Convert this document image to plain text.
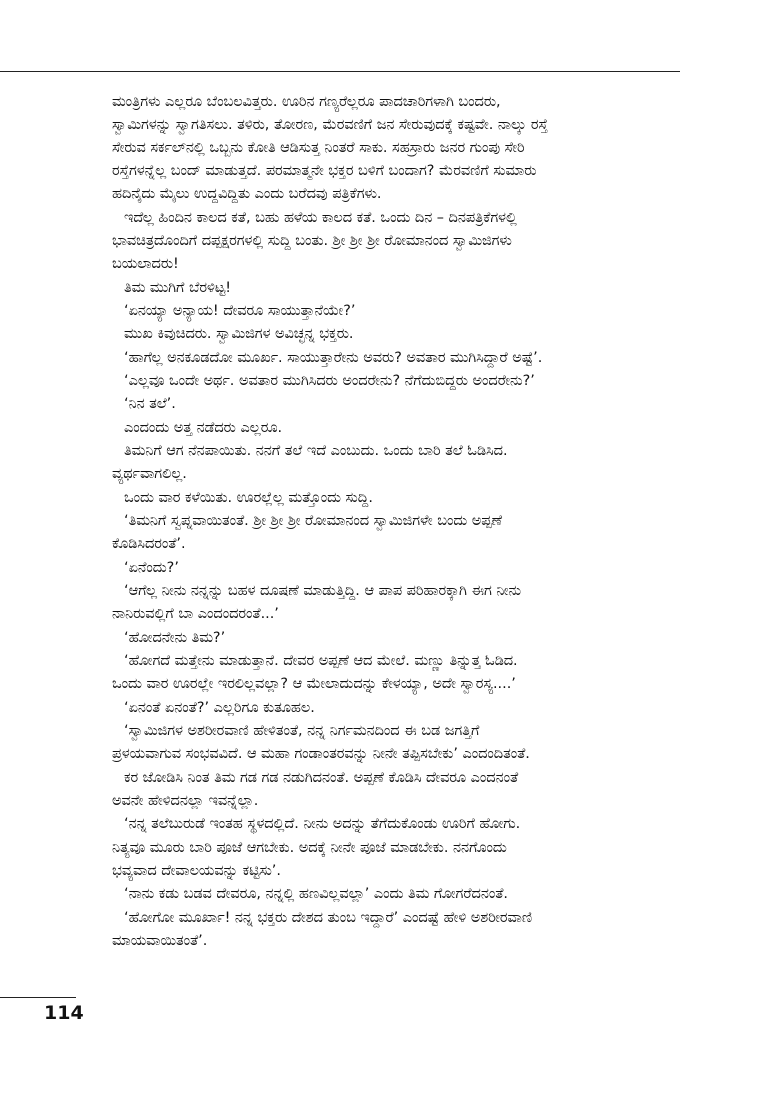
ಮಂತ್ರಿಗಳು ಎಲ್ಲರೂ ಬೆಂಬಲವಿತ್ತರು. ಊರಿನ ಗಣ್ಯರೆಲ್ಲರೂ ಪಾದಚಾರಿಗಳಾಗಿ ಬಂದರು,
ಸ್ವಾಮಿಗಳನ್ನು ಸ್ವಾಗತಿಸಲು. ತಳಿರು, ತೋರಣ, ಮೆರವಣಿಗೆ ಜನ ಸೇರುವುದಕ್ಕೆ ಕಷ್ಟವೇ. ನಾಲ್ಕು ರಸ್ತೆ
ಸೇರುವ ಸರ್ಕಲ್‌ನಲ್ಲಿ ಒಬ್ಬನು ಕೋತಿ ಆಡಿಸುತ್ತ ನಿಂತರೆ ಸಾಕು. ಸಹಸ್ರಾರು ಜನರ ಗುಂಪು ಸೇರಿ
ರಸ್ತೆಗಳನ್ನೆಲ್ಲ ಬಂದ್ ಮಾಡುತ್ತದೆ. ಪರಮಾತ್ಮನೇ ಭಕ್ತರ ಬಳಿಗೆ ಬಂದಾಗ? ಮೆರವಣಿಗೆ ಸುಮಾರು
ಹದಿನೈದು ಮೈಲು ಉದ್ದವಿದ್ದಿತು ಎಂದು ಬರೆದವು ಪತ್ರಿಕೆಗಳು.
ಇದೆಲ್ಲ ಹಿಂದಿನ ಕಾಲದ ಕತೆ, ಬಹು ಹಳೆಯ ಕಾಲದ ಕತೆ. ಒಂದು ದಿನ – ದಿನಪತ್ರಿಕೆಗಳಲ್ಲಿ
ಭಾವಚಿತ್ರದೊಂದಿಗೆ ದಪ್ಪಕ್ಷರಗಳಲ್ಲಿ ಸುದ್ದಿ ಬಂತು. ಶ್ರೀ ಶ್ರೀ ಶ್ರೀ ರೋಮಾನಂದ ಸ್ವಾಮಿಜಿಗಳು
ಬಯಲಾದರು!
ತಿಮ ಮುಗಿಗೆ ಬೆರಳಿಟ್ಟ!
‘ಏನಯ್ಯಾ ಅನ್ಯಾಯ! ದೇವರೂ ಸಾಯುತ್ತಾನೆಯೇ?’
ಮುಖ ಕಿವುಚಿದರು. ಸ್ವಾಮಿಜಿಗಳ ಅವಿಚ್ಛನ್ನ ಭಕ್ತರು.
‘ಹಾಗೆಲ್ಲ ಅನಕೂಡದೋ ಮೂರ್ಖ. ಸಾಯುತ್ತಾರೇನು ಅವರು? ಅವತಾರ ಮುಗಿಸಿದ್ದಾರೆ ಅಷ್ಟೆ’.
‘ಎಲ್ಲವೂ ಒಂದೇ ಅರ್ಥ. ಅವತಾರ ಮುಗಿಸಿದರು ಅಂದರೇನು? ನೆಗೆದುಬಿದ್ದರು ಅಂದರೇನು?’
‘ನಿನ ತಲೆ’.
ಎಂದಂದು ಅತ್ತ ನಡೆದರು ಎಲ್ಲರೂ.
ತಿಮನಿಗೆ ಆಗ ನೆನಪಾಯಿತು. ನನಗೆ ತಲೆ ಇದೆ ಎಂಬುದು. ಒಂದು ಬಾರಿ ತಲೆ ಓಡಿಸಿದ.
ವ್ಯರ್ಥವಾಗಲಿಲ್ಲ.
ಒಂದು ವಾರ ಕಳೆಯಿತು. ಊರಲ್ಲೆಲ್ಲ ಮತ್ತೊಂದು ಸುದ್ದಿ.
‘ತಿಮನಿಗೆ ಸ್ವಪ್ನವಾಯಿತಂತೆ. ಶ್ರೀ ಶ್ರೀ ಶ್ರೀ ರೋಮಾನಂದ ಸ್ವಾಮಿಜಿಗಳೇ ಬಂದು ಅಪ್ಪಣೆ
ಕೊಡಿಸಿದರಂತೆ’.
‘ಏನೆಂದು?’
‘ಆಗೆಲ್ಲ ನೀನು ನನ್ನನ್ನು ಬಹಳ ದೂಷಣೆ ಮಾಡುತ್ತಿದ್ದಿ. ಆ ಪಾಪ ಪರಿಹಾರಕ್ಕಾಗಿ ಈಗ ನೀನು
ನಾನಿರುವಲ್ಲಿಗೆ ಬಾ ಎಂದಂದರಂತೆ...’
‘ಹೋದನೇನು ತಿಮ?’
‘ಹೋಗದೆ ಮತ್ತೇನು ಮಾಡುತ್ತಾನೆ. ದೇವರ ಅಪ್ಪಣೆ ಆದ ಮೇಲೆ. ಮಣ್ಣು ತಿನ್ನುತ್ತ ಓಡಿದ.
ಒಂದು ವಾರ ಊರಲ್ಲೇ ಇರಲಿಲ್ಲವಲ್ಲಾ? ಆ ಮೇಲಾದುದನ್ನು ಕೇಳಯ್ಯಾ, ಅದೇ ಸ್ವಾರಸ್ಯ....’
‘ಏನಂತೆ ಏನಂತೆ?’ ಎಲ್ಲರಿಗೂ ಕುತೂಹಲ.
‘ಸ್ವಾಮಿಜಿಗಳ ಅಶರೀರವಾಣಿ ಹೇಳಿತಂತೆ, ನನ್ನ ನಿರ್ಗಮನದಿಂದ ಈ ಬಡ ಜಗತ್ತಿಗೆ
ಪ್ರಳಯವಾಗುವ ಸಂಭವವಿದೆ. ಆ ಮಹಾ ಗಂಡಾಂತರವನ್ನು ನೀನೇ ತಪ್ಪಿಸಬೇಕು’ ಎಂದಂದಿತಂತೆ.
ಕರ ಜೋಡಿಸಿ ನಿಂತ ತಿಮ ಗಡ ಗಡ ನಡುಗಿದನಂತೆ. ಅಪ್ಪಣೆ ಕೊಡಿಸಿ ದೇವರೂ ಎಂದನಂತೆ
ಅವನೇ ಹೇಳಿದನಲ್ಲಾ ಇವನ್ನೆಲ್ಲಾ.
‘ನನ್ನ ತಲೆಬುರುಡೆ ಇಂತಹ ಸ್ಥಳದಲ್ಲಿದೆ. ನೀನು ಅದನ್ನು ತೆಗೆದುಕೊಂಡು ಊರಿಗೆ ಹೋಗು.
ನಿತ್ಯವೂ ಮೂರು ಬಾರಿ ಪೂಜೆ ಆಗಬೇಕು. ಅದಕ್ಕೆ ನೀನೇ ಪೂಜೆ ಮಾಡಬೇಕು. ನನಗೊಂದು
ಭವ್ಯವಾದ ದೇವಾಲಯವನ್ನು ಕಟ್ಟಿಸು’.
‘ನಾನು ಕಡು ಬಡವ ದೇವರೂ, ನನ್ನಲ್ಲಿ ಹಣವಿಲ್ಲವಲ್ಲಾ’ ಎಂದು ತಿಮ ಗೋಗರೆದನಂತೆ.
‘ಹೋಗೋ ಮೂರ್ಖಾ! ನನ್ನ ಭಕ್ತರು ದೇಶದ ತುಂಬ ಇದ್ದಾರೆ’ ಎಂದಷ್ಟೆ ಹೇಳಿ ಅಶರೀರವಾಣಿ
ಮಾಯವಾಯಿತಂತೆ’.
114
